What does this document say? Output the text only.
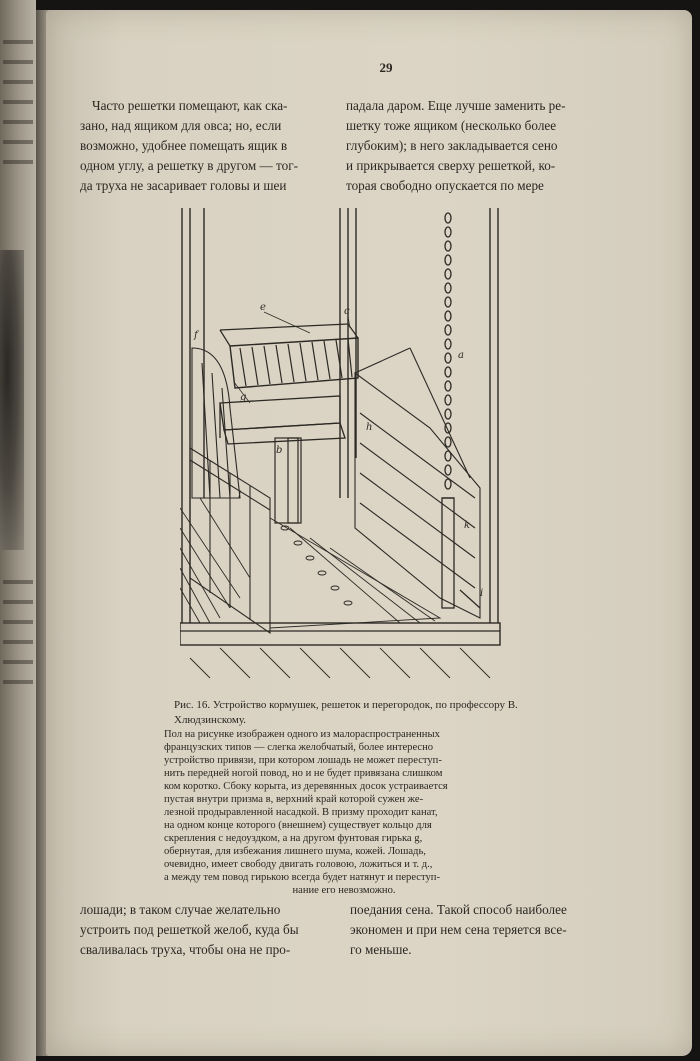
29
Часто решетки помещают, как ска-
зано, над ящиком для овса; но, если
возможно, удобнее помещать ящик в
одном углу, а решетку в другом — тог-
да труха не засаривает головы и шеи
падала даром. Еще лучше заменить ре-
шетку тоже ящиком (несколько более
глубоким); в него закладывается сено
и прикрывается сверху решеткой, ко-
торая свободно опускается по мере
e	c
f
g
b
a
h
k
i
l
Рис. 16. Устройство кормушек, решеток и перегородок, по профессору В. Хлюдзинскому.
Пол на рисунке изображен одного из малораспространенных
французских типов — слегка желобчатый, более интересно
устройство привязи, при котором лошадь не может переступ-
нить передней ногой повод, но и не будет привязана слишком
ком коротко. Сбоку корыта, из деревянных досок устраивается
пустая внутри призма в, верхний край которой сужен же-
лезной продыравленной насадкой. В призму проходит канат,
на одном конце которого (внешнем) существует кольцо для
скрепления с недоуздком, а на другом фунтовая гирька g,
обернутая, для избежания лишнего шума, кожей. Лошадь,
очевидно, имеет свободу двигать головою, ложиться и т. д.,
а между тем повод гирькою всегда будет натянут и переступ-
нание его невозможно.
лошади; в таком случае желательно
устроить под решеткой желоб, куда бы
сваливалась труха, чтобы она не про-
поедания сена. Такой способ наиболее
экономен и при нем сена теряется все-
го меньше.
